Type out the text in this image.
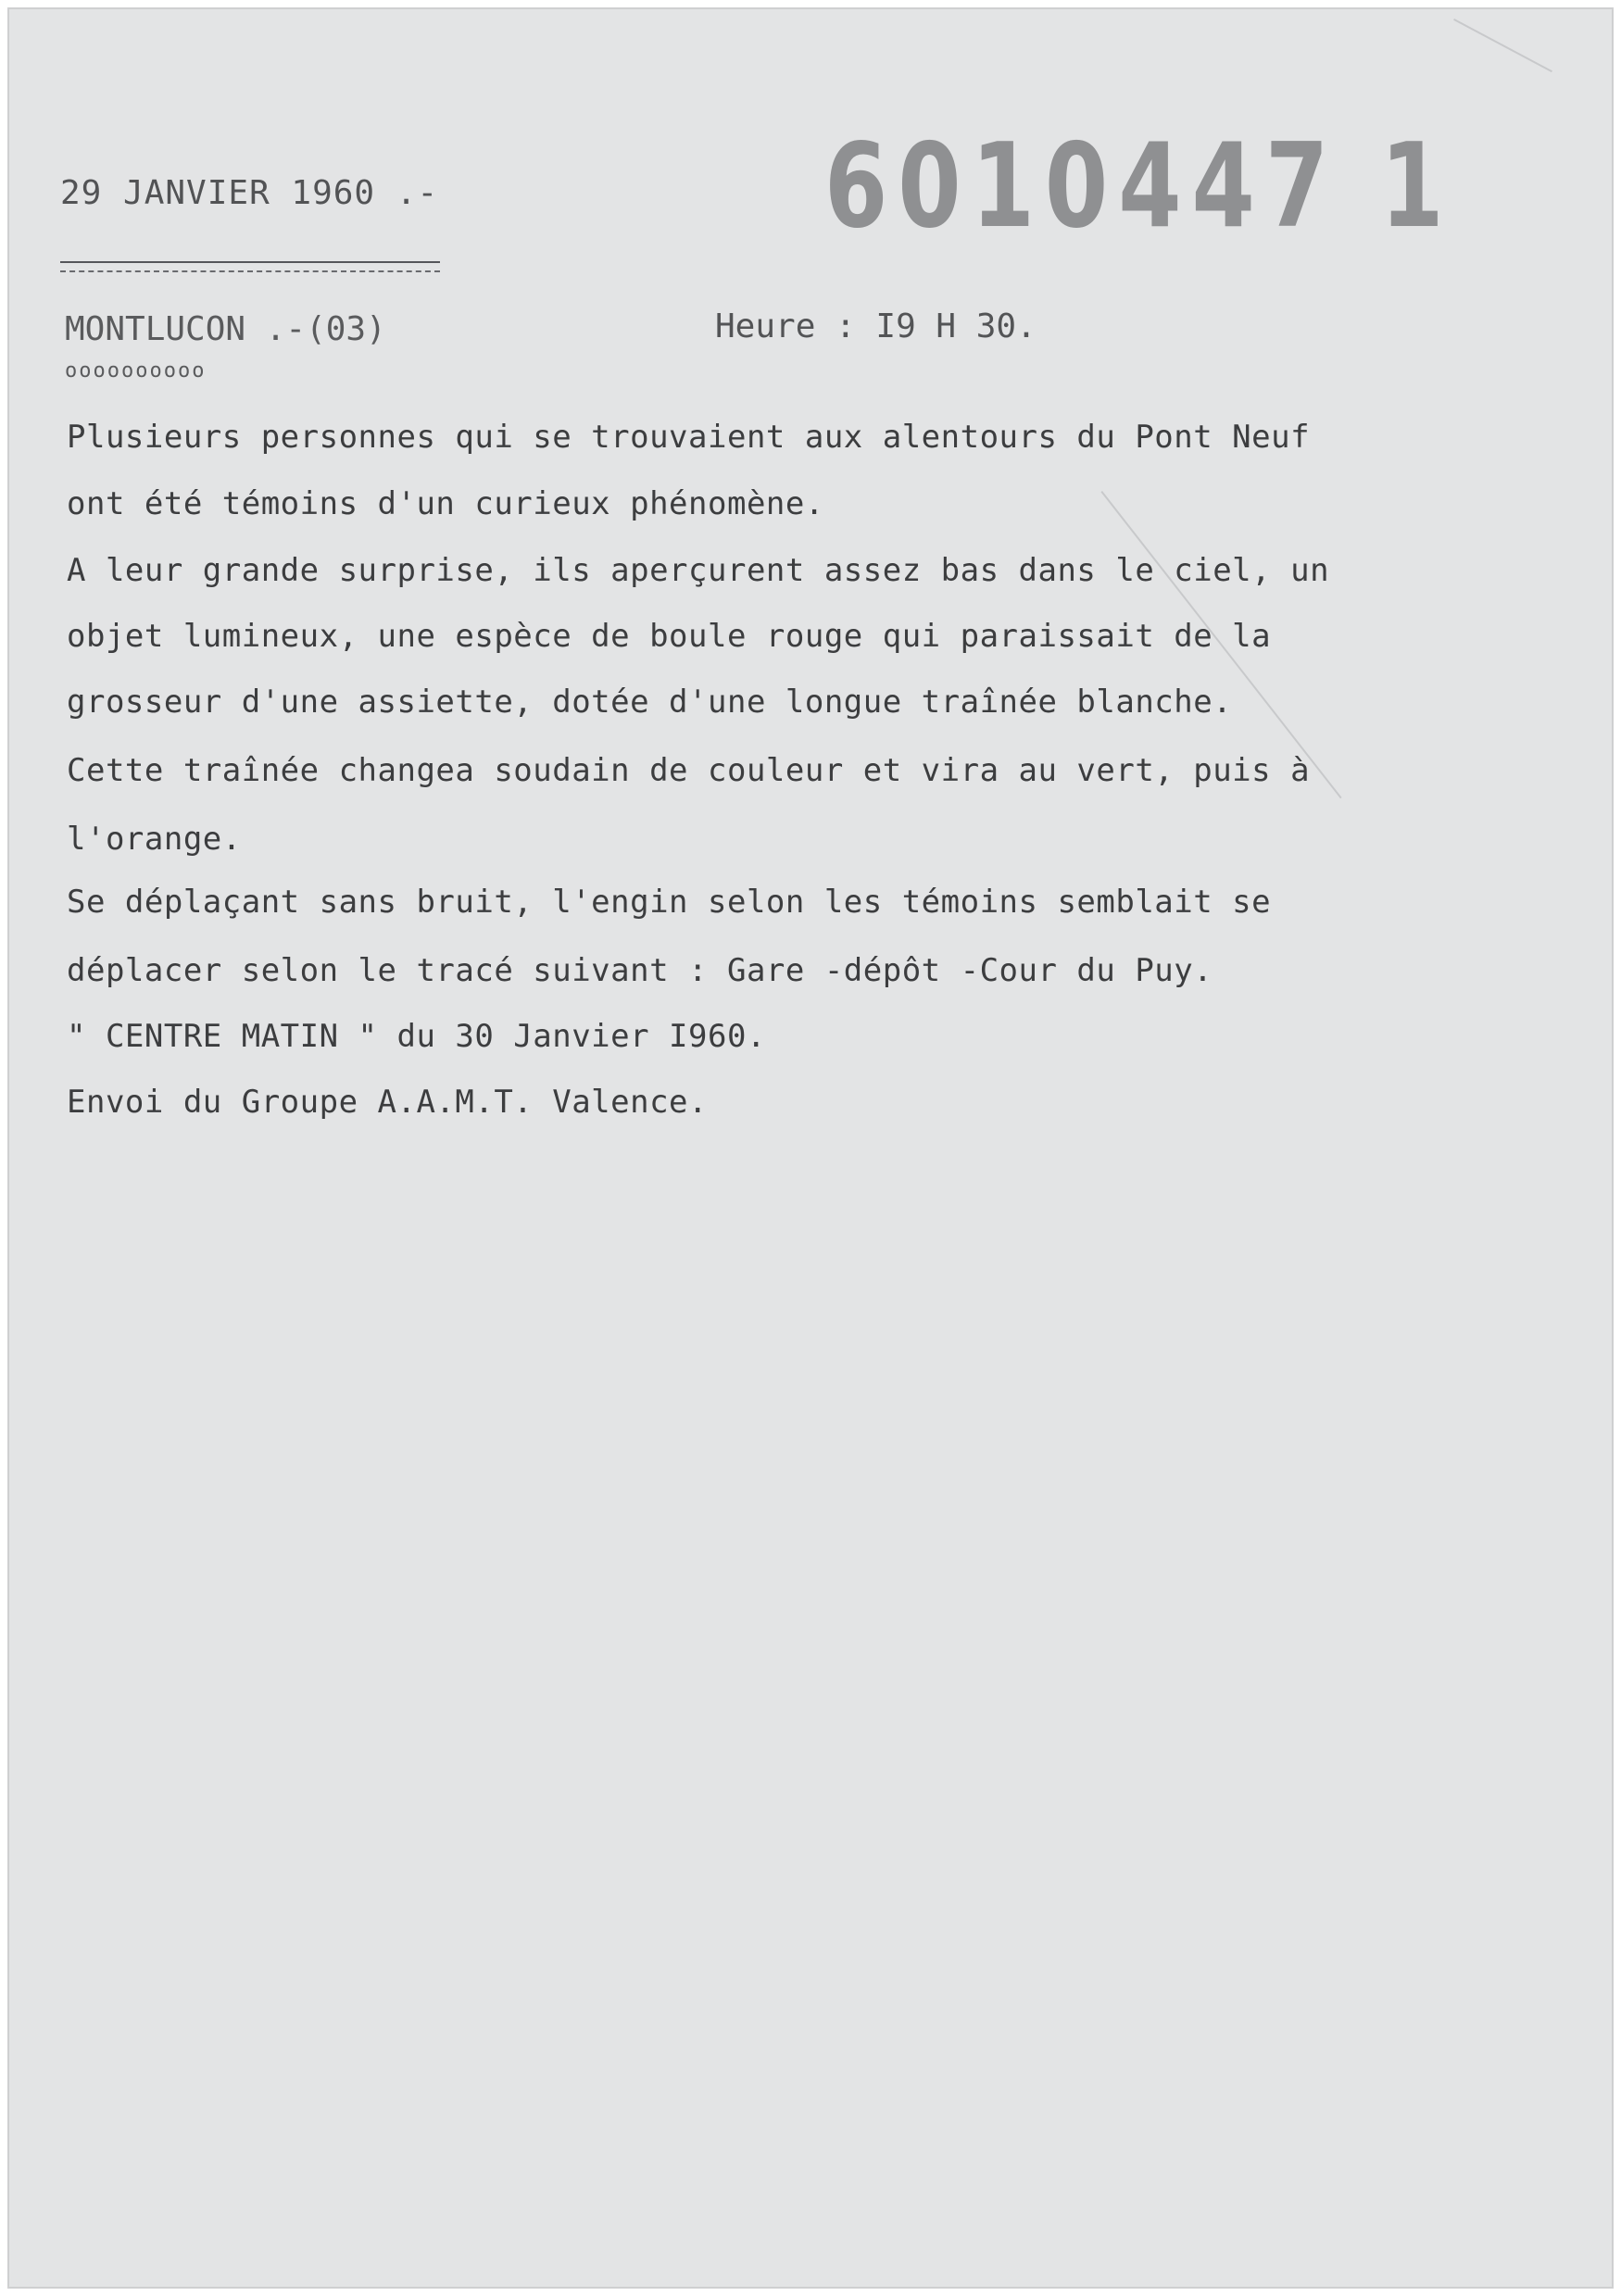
29 JANVIER 1960 .-	6010447 1
MONTLUCON .-(03)
oooooooooo
Heure : I9 H 30.
Plusieurs personnes qui se trouvaient aux alentours du Pont Neuf
ont été témoins d'un curieux phénomène.
A leur grande surprise, ils aperçurent assez bas dans le ciel, un
objet lumineux, une espèce de boule rouge qui paraissait de la
grosseur d'une assiette, dotée d'une longue traînée blanche.
Cette traînée changea soudain de couleur et vira au vert, puis à
l'orange.
Se déplaçant sans bruit, l'engin selon les témoins semblait se
déplacer selon le tracé suivant : Gare -dépôt -Cour du Puy.
" CENTRE MATIN " du 30 Janvier I960.
Envoi du Groupe A.A.M.T. Valence.
